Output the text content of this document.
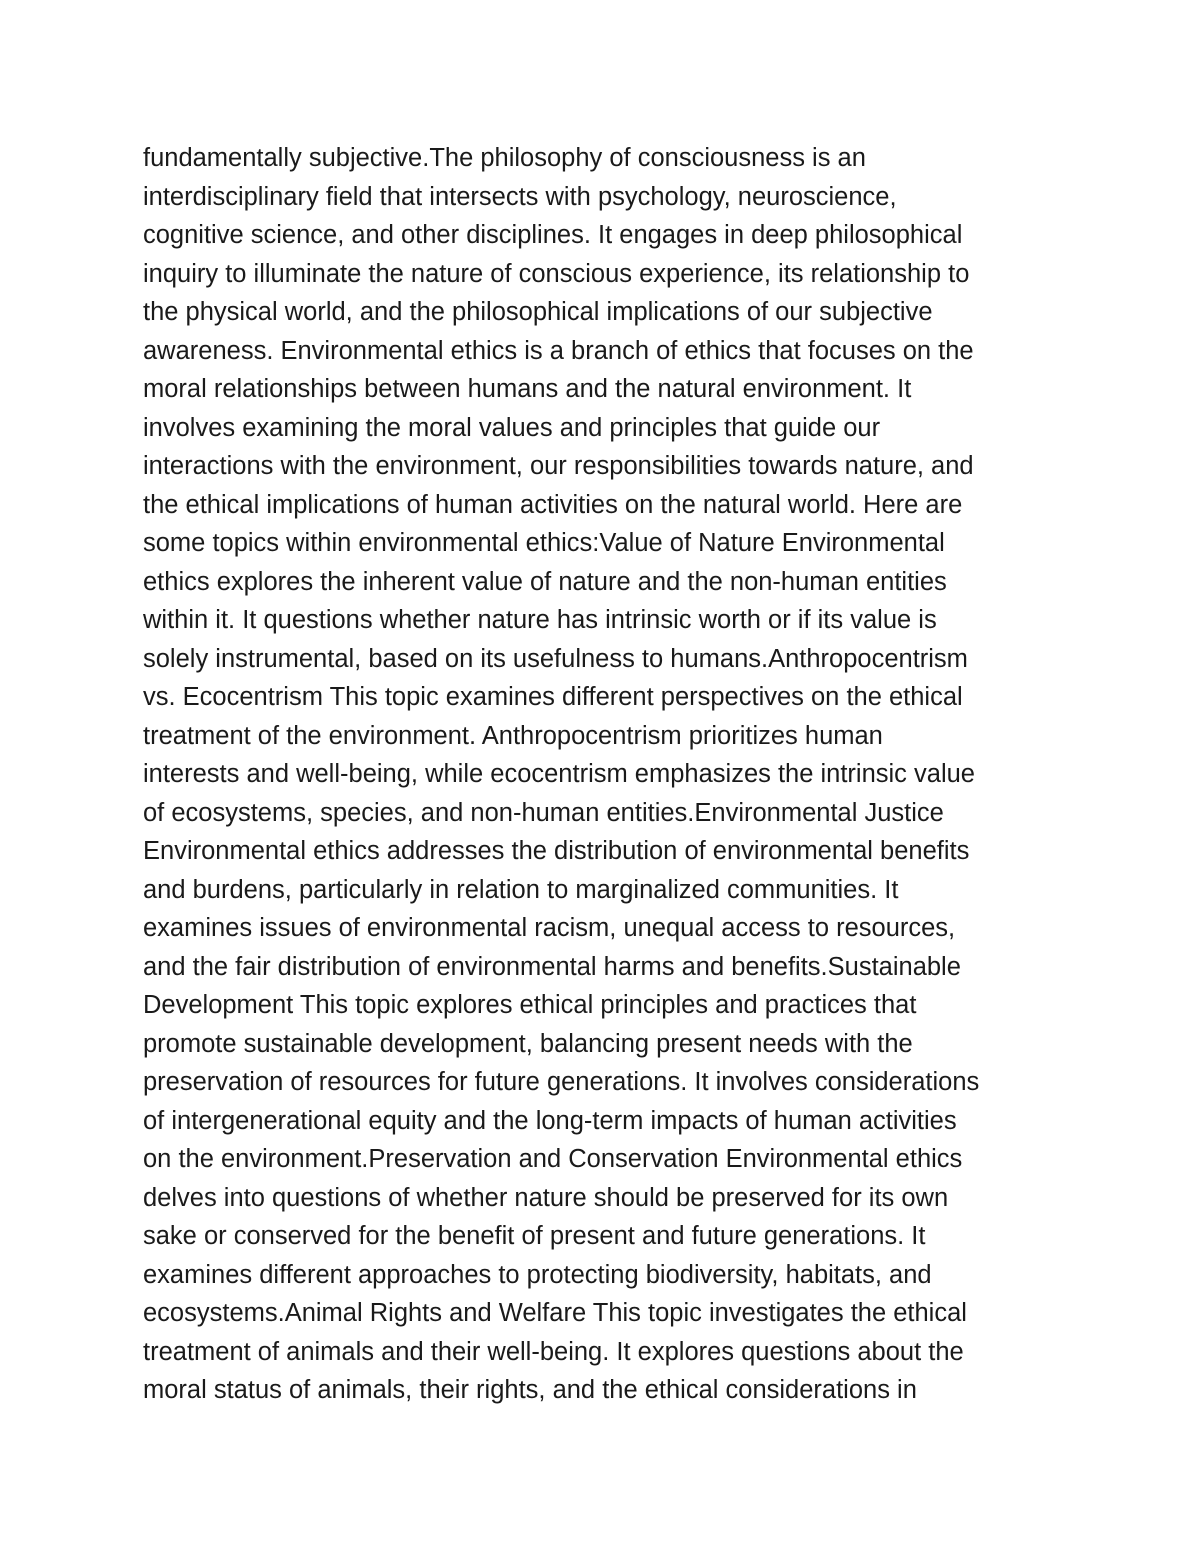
fundamentally subjective.The philosophy of consciousness is an
interdisciplinary field that intersects with psychology, neuroscience,
cognitive science, and other disciplines. It engages in deep philosophical
inquiry to illuminate the nature of conscious experience, its relationship to
the physical world, and the philosophical implications of our subjective
awareness. Environmental ethics is a branch of ethics that focuses on the
moral relationships between humans and the natural environment. It
involves examining the moral values and principles that guide our
interactions with the environment, our responsibilities towards nature, and
the ethical implications of human activities on the natural world. Here are
some topics within environmental ethics:Value of Nature Environmental
ethics explores the inherent value of nature and the non-human entities
within it. It questions whether nature has intrinsic worth or if its value is
solely instrumental, based on its usefulness to humans.Anthropocentrism
vs. Ecocentrism This topic examines different perspectives on the ethical
treatment of the environment. Anthropocentrism prioritizes human
interests and well-being, while ecocentrism emphasizes the intrinsic value
of ecosystems, species, and non-human entities.Environmental Justice
Environmental ethics addresses the distribution of environmental benefits
and burdens, particularly in relation to marginalized communities. It
examines issues of environmental racism, unequal access to resources,
and the fair distribution of environmental harms and benefits.Sustainable
Development This topic explores ethical principles and practices that
promote sustainable development, balancing present needs with the
preservation of resources for future generations. It involves considerations
of intergenerational equity and the long-term impacts of human activities
on the environment.Preservation and Conservation Environmental ethics
delves into questions of whether nature should be preserved for its own
sake or conserved for the benefit of present and future generations. It
examines different approaches to protecting biodiversity, habitats, and
ecosystems.Animal Rights and Welfare This topic investigates the ethical
treatment of animals and their well-being. It explores questions about the
moral status of animals, their rights, and the ethical considerations in
